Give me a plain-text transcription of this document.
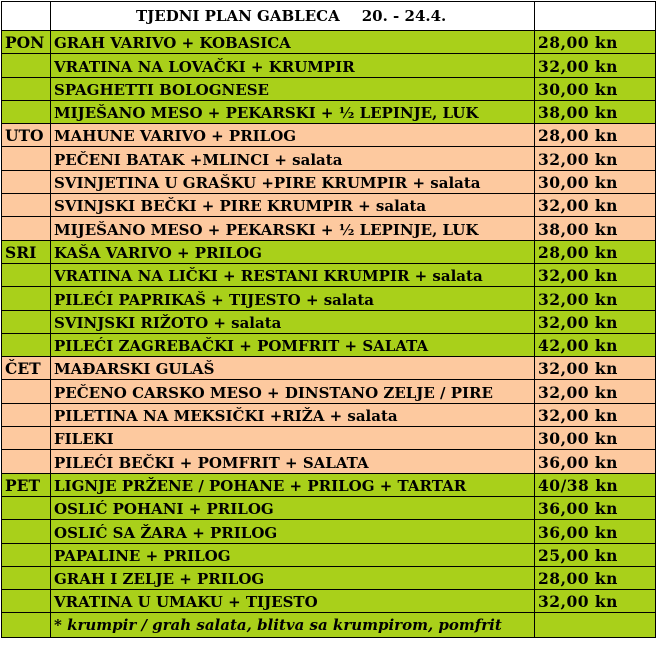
	TJEDNI PLAN GABLECA 20. - 24.4.	
PON	GRAH VARIVO + KOBASICA	28,00 kn
	VRATINA NA LOVAČKI + KRUMPIR	32,00 kn
	SPAGHETTI BOLOGNESE	30,00 kn
	MIJEŠANO MESO + PEKARSKI + ½ LEPINJE, LUK	38,00 kn
UTO	MAHUNE VARIVO + PRILOG	28,00 kn
	PEČENI BATAK +MLINCI + salata	32,00 kn
	SVINJETINA U GRAŠKU +PIRE KRUMPIR + salata	30,00 kn
	SVINJSKI BEČKI + PIRE KRUMPIR + salata	32,00 kn
	MIJEŠANO MESO + PEKARSKI + ½ LEPINJE, LUK	38,00 kn
SRI	KAŠA VARIVO + PRILOG	28,00 kn
	VRATINA NA LIČKI + RESTANI KRUMPIR + salata	32,00 kn
	PILEĆI PAPRIKAŠ + TIJESTO + salata	32,00 kn
	SVINJSKI RIŽOTO + salata	32,00 kn
	PILEĆI ZAGREBAČKI + POMFRIT + SALATA	42,00 kn
ČET	MAĐARSKI GULAŠ	32,00 kn
	PEČENO CARSKO MESO + DINSTANO ZELJE / PIRE	32,00 kn
	PILETINA NA MEKSIČKI +RIŽA + salata	32,00 kn
	FILEKI	30,00 kn
	PILEĆI BEČKI + POMFRIT + SALATA	36,00 kn
PET	LIGNJE PRŽENE / POHANE + PRILOG + TARTAR	40/38 kn
	OSLIĆ POHANI + PRILOG	36,00 kn
	OSLIĆ SA ŽARA + PRILOG	36,00 kn
	PAPALINE + PRILOG	25,00 kn
	GRAH I ZELJE + PRILOG	28,00 kn
	VRATINA U UMAKU + TIJESTO	32,00 kn
	* krumpir / grah salata, blitva sa krumpirom, pomfrit	
